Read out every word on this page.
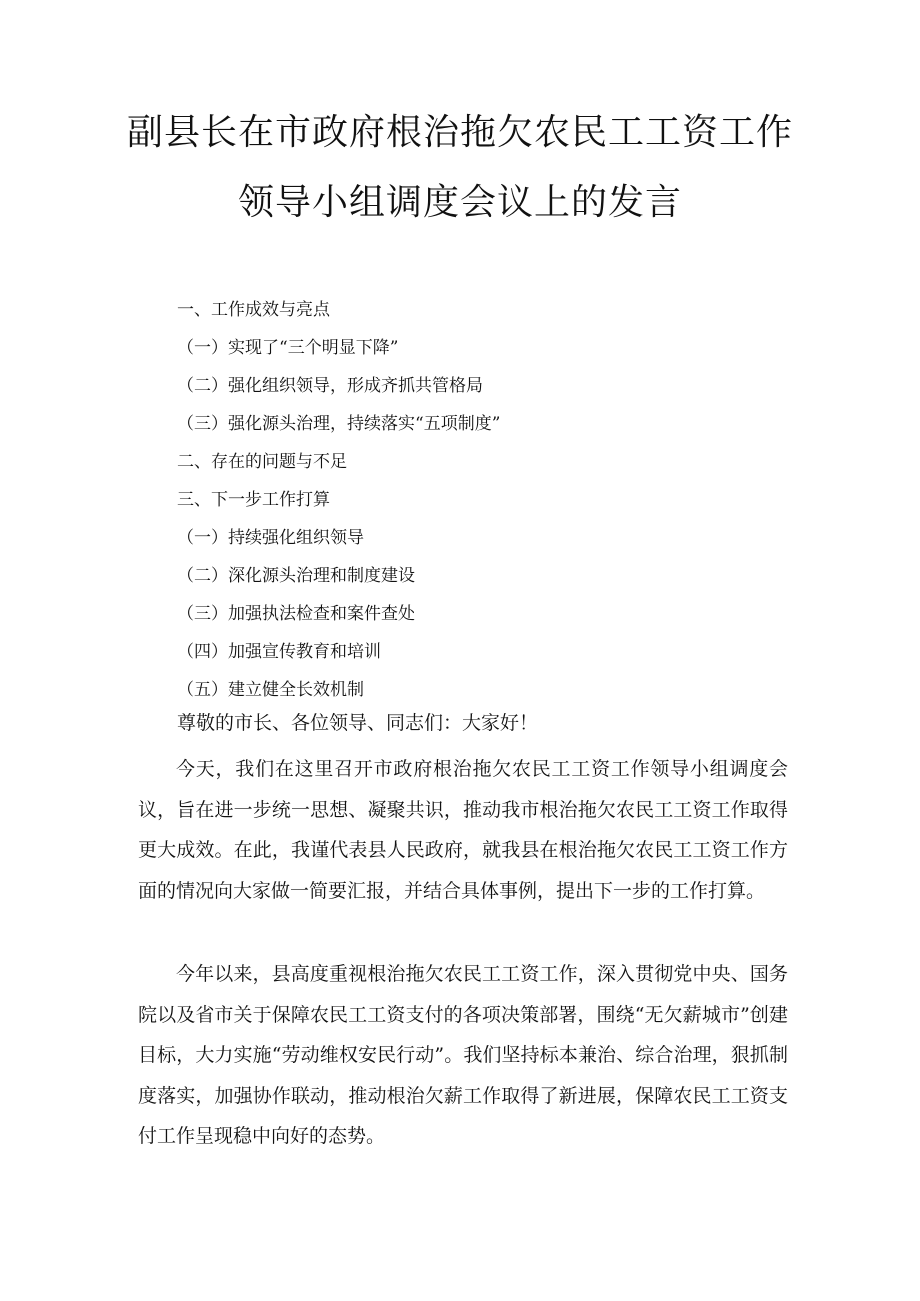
副县长在市政府根治拖欠农民工工资工作
领导小组调度会议上的发言
一、工作成效与亮点
（一）实现了“三个明显下降”
（二）强化组织领导，形成齐抓共管格局
（三）强化源头治理，持续落实“五项制度”
二、存在的问题与不足
三、下一步工作打算
（一）持续强化组织领导
（二）深化源头治理和制度建设
（三）加强执法检查和案件查处
（四）加强宣传教育和培训
（五）建立健全长效机制

尊敬的市长、各位领导、同志们：大家好！

今天，我们在这里召开市政府根治拖欠农民工工资工作领导小组调度会议，旨在进一步统一思想、凝聚共识，推动我市根治拖欠农民工工资工作取得更大成效。在此，我谨代表县人民政府，就我县在根治拖欠农民工工资工作方面的情况向大家做一简要汇报，并结合具体事例，提出下一步的工作打算。

今年以来，县高度重视根治拖欠农民工工资工作，深入贯彻党中央、国务院以及省市关于保障农民工工资支付的各项决策部署，围绕“无欠薪城市”创建目标，大力实施“劳动维权安民行动”。我们坚持标本兼治、综合治理，狠抓制度落实，加强协作联动，推动根治欠薪工作取得了新进展，保障农民工工资支付工作呈现稳中向好的态势。
